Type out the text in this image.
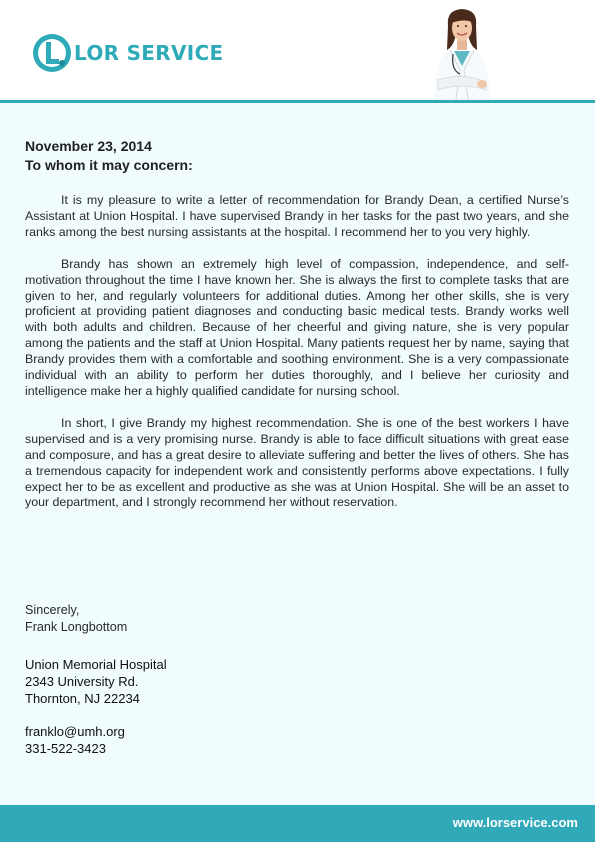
LOR SERVICE
November 23, 2014
To whom it may concern:

It is my pleasure to write a letter of recommendation for Brandy Dean, a certified Nurse’s Assistant at Union Hospital. I have supervised Brandy in her tasks for the past two years, and she ranks among the best nursing assistants at the hospital. I recommend her to you very highly.

Brandy has shown an extremely high level of compassion, independence, and self-motivation throughout the time I have known her. She is always the first to complete tasks that are given to her, and regularly volunteers for additional duties. Among her other skills, she is very proficient at providing patient diagnoses and conducting basic medical tests. Brandy works well with both adults and children. Because of her cheerful and giving nature, she is very popular among the patients and the staff at Union Hospital. Many patients request her by name, saying that Brandy provides them with a comfortable and soothing environment. She is a very compassionate individual with an ability to perform her duties thoroughly, and I believe her curiosity and intelligence make her a highly qualified candidate for nursing school.

In short, I give Brandy my highest recommendation. She is one of the best workers I have supervised and is a very promising nurse. Brandy is able to face difficult situations with great ease and composure, and has a great desire to alleviate suffering and better the lives of others. She has a tremendous capacity for independent work and consistently performs above expectations. I fully expect her to be as excellent and productive as she was at Union Hospital. She will be an asset to your department, and I strongly recommend her without reservation.

Sincerely,
Frank Longbottom
Union Memorial Hospital
2343 University Rd.
Thornton, NJ 22234
franklo@umh.org
331-522-3423
www.lorservice.com
